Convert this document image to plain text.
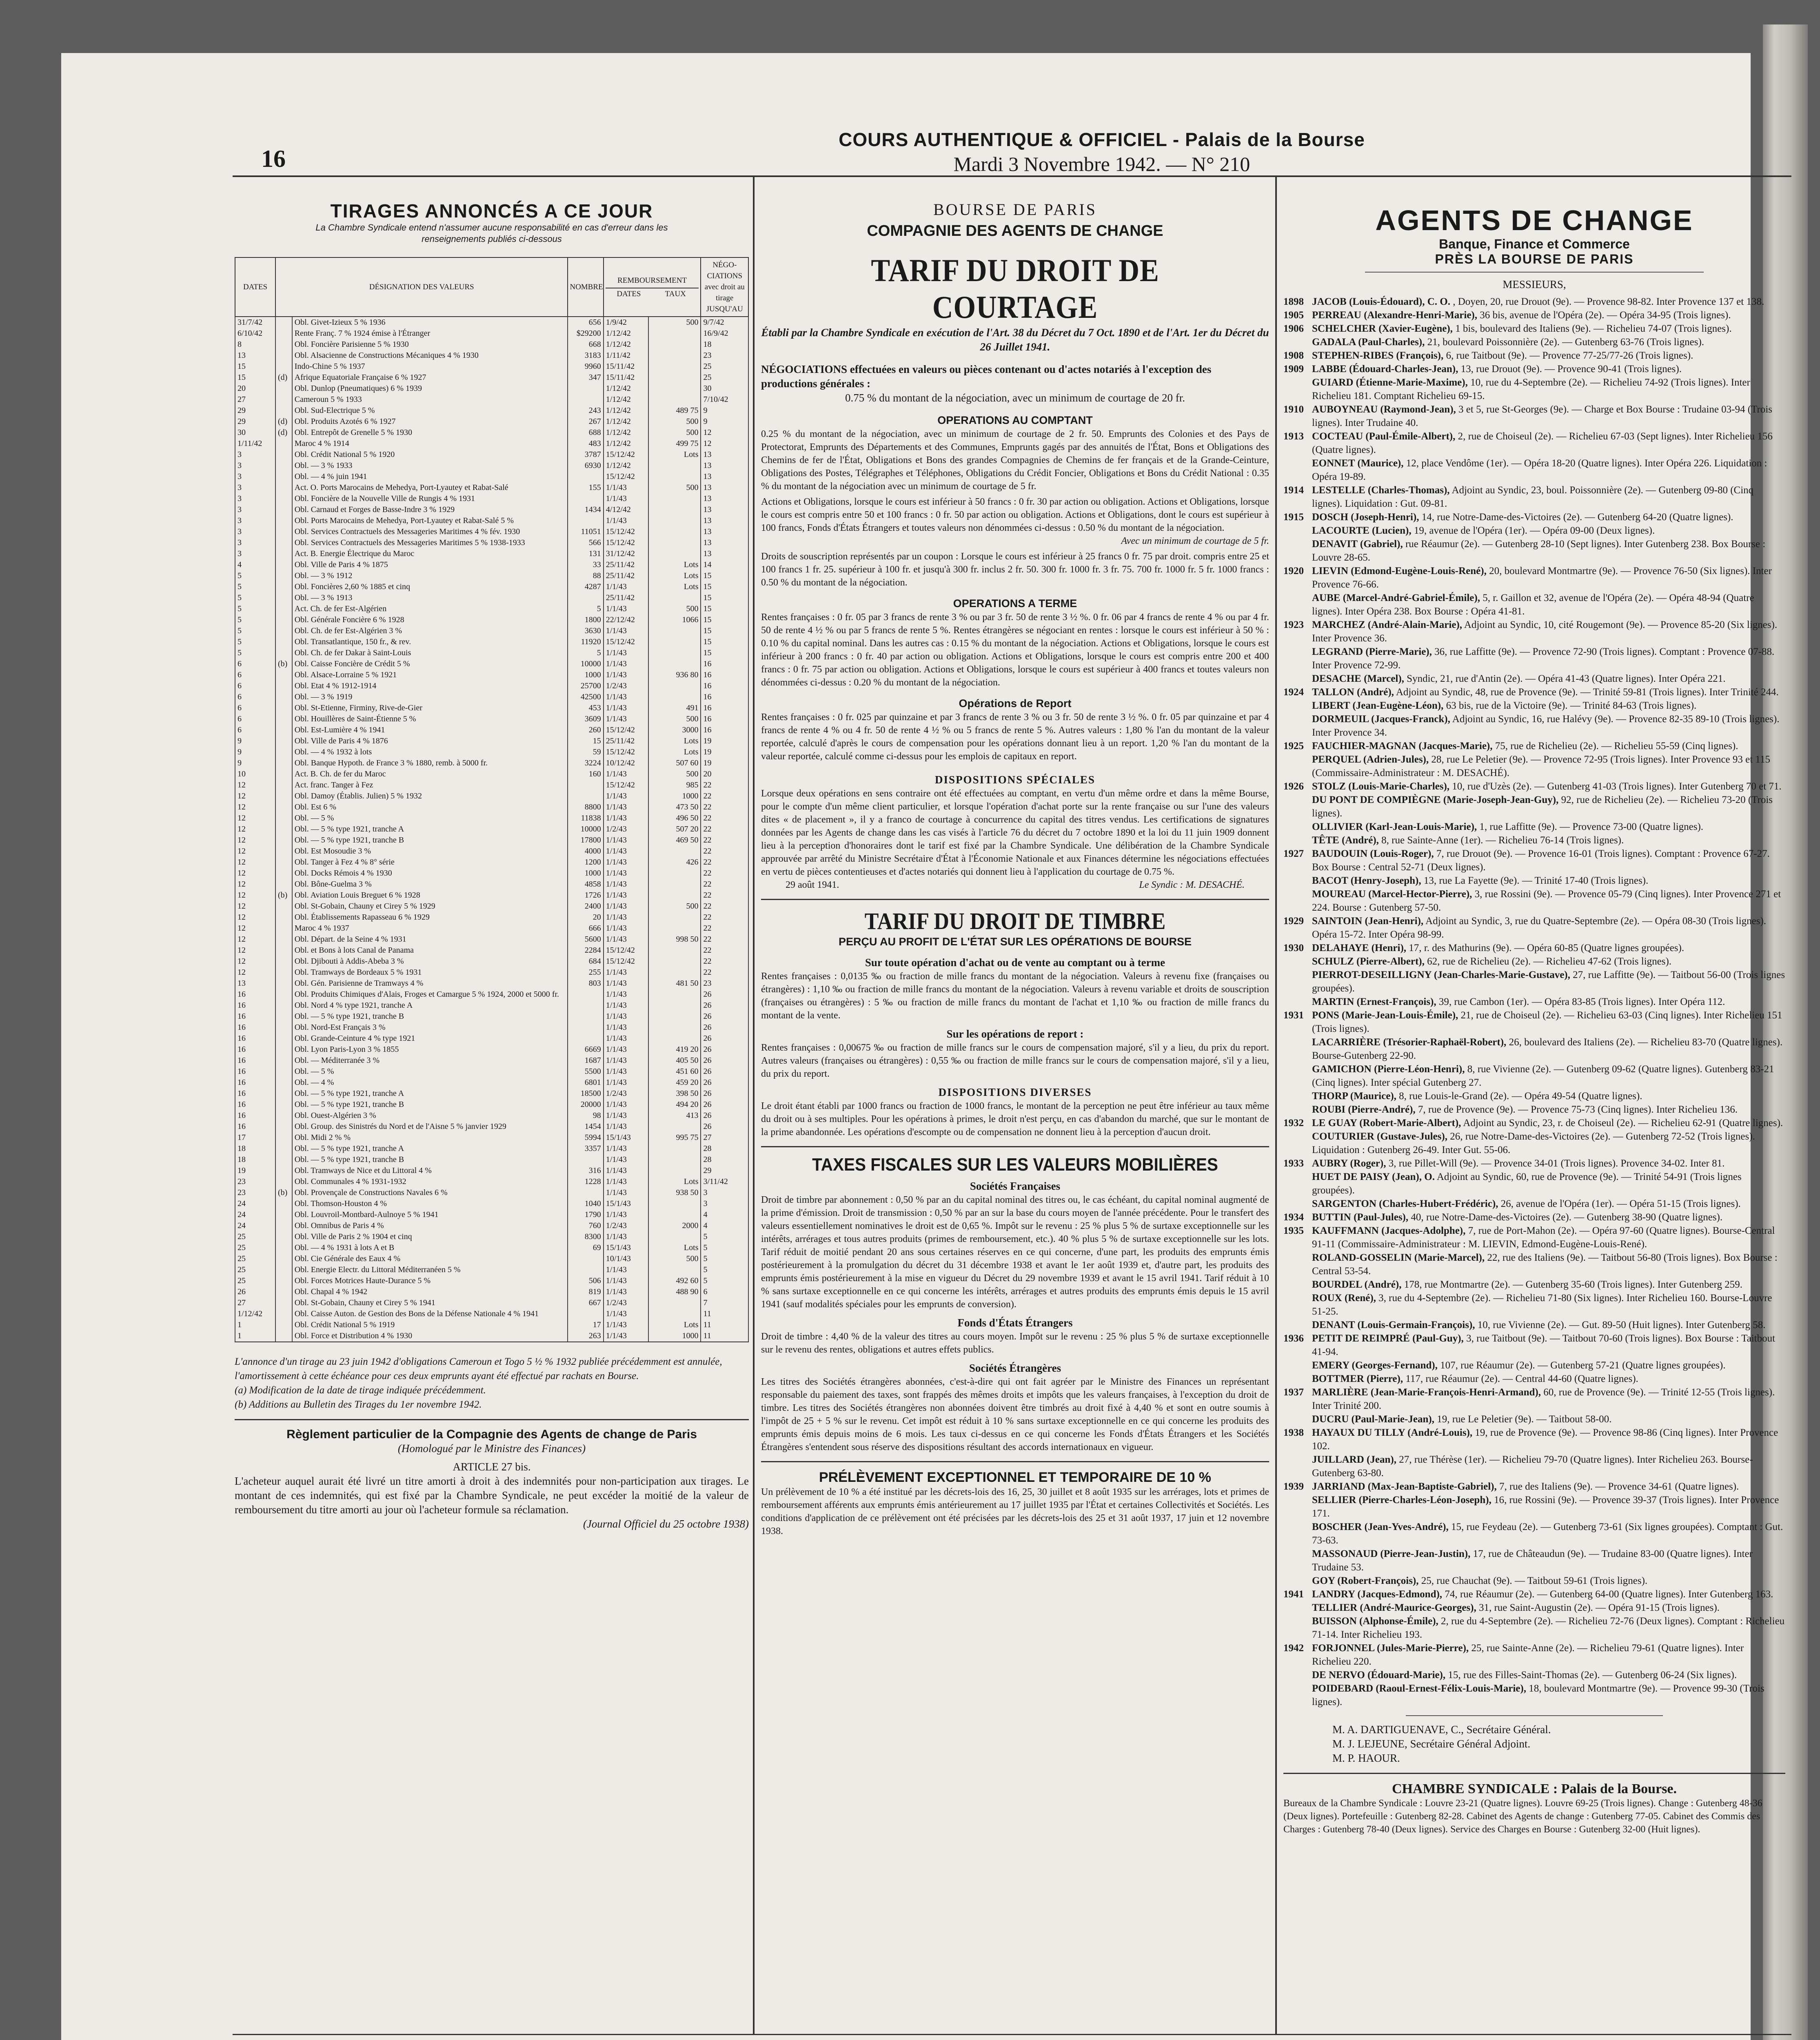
16
COURS AUTHENTIQUE & OFFICIEL - Palais de la Bourse
Mardi 3 Novembre 1942. — N° 210
TIRAGES ANNONCÉS A CE JOUR
La Chambre Syndicale entend n'assumer aucune responsabilité en cas d'erreur dans les renseignements publiés ci-dessous
DATES	DÉSIGNATION DES VALEURS		NOMBRE	REMBOURSEMENT
DATES TAUX		NÉGO- CIATIONS avec droit au tirage JUSQU'AU
31/7/42		Obl. Givet-Izieux 5 % 1936	656	1/9/42	500	9/7/42
6/10/42		Rente Franç. 7 % 1924 émise à l'Étranger	$29200	1/12/42		16/9/42
8		Obl. Foncière Parisienne 5 % 1930	668	1/12/42		18
13		Obl. Alsacienne de Constructions Mécaniques 4 % 1930	3183	1/11/42		23
15		Indo-Chine 5 % 1937	9960	15/11/42		25
15	(d)	Afrique Equatoriale Française 6 % 1927	347	15/11/42		25
20		Obl. Dunlop (Pneumatiques) 6 % 1939		1/12/42		30
27		Cameroun 5 % 1933		1/12/42		7/10/42
29		Obl. Sud-Electrique 5 %	243	1/12/42	489 75	9
29	(d)	Obl. Produits Azotés 6 % 1927	267	1/12/42	500	9
30	(d)	Obl. Entrepôt de Grenelle 5 % 1930	688	1/12/42	500	12
1/11/42		Maroc 4 % 1914	483	1/12/42	499 75	12
3		Obl. Crédit National 5 % 1920	3787	15/12/42	Lots	13
3		Obl. — 3 % 1933	6930	1/12/42		13
3		Obl. — 4 % juin 1941		15/12/42		13
3		Act. O. Ports Marocains de Mehedya, Port-Lyautey et Rabat-Salé	155	1/1/43	500	13
3		Obl. Foncière de la Nouvelle Ville de Rungis 4 % 1931		1/1/43		13
3		Obl. Carnaud et Forges de Basse-Indre 3 % 1929	1434	4/12/42		13
3		Obl. Ports Marocains de Mehedya, Port-Lyautey et Rabat-Salé 5 %		1/1/43		13
3		Obl. Services Contractuels des Messageries Maritimes 4 % fév. 1930	11051	15/12/42		13
3		Obl. Services Contractuels des Messageries Maritimes 5 % 1938-1933	566	15/12/42		13
3		Act. B. Energie Électrique du Maroc	131	31/12/42		13
4		Obl. Ville de Paris 4 % 1875	33	25/11/42	Lots	14
5		Obl. — 3 % 1912	88	25/11/42	Lots	15
5		Obl. Foncières 2,60 % 1885 et cinq	4287	1/1/43	Lots	15
5		Obl. — 3 % 1913		25/11/42		15
5		Act. Ch. de fer Est-Algérien	5	1/1/43	500	15
5		Obl. Générale Foncière 6 % 1928	1800	22/12/42	1066	15
5		Obl. Ch. de fer Est-Algérien 3 %	3630	1/1/43		15
5		Obl. Transatlantique, 150 fr., & rev.	11920	15/12/42		15
5		Obl. Ch. de fer Dakar à Saint-Louis	5	1/1/43		15
6	(b)	Obl. Caisse Foncière de Crédit 5 %	10000	1/1/43		16
6		Obl. Alsace-Lorraine 5 % 1921	1000	1/1/43	936 80	16
6		Obl. Etat 4 % 1912-1914	25700	1/2/43		16
6		Obl. — 3 % 1919	42500	1/1/43		16
6		Obl. St-Etienne, Firminy, Rive-de-Gier	453	1/1/43	491	16
6		Obl. Houillères de Saint-Étienne 5 %	3609	1/1/43	500	16
6		Obl. Est-Lumière 4 % 1941	260	15/12/42	3000	16
9		Obl. Ville de Paris 4 % 1876	15	25/11/42	Lots	19
9		Obl. — 4 % 1932 à lots	59	15/12/42	Lots	19
9		Obl. Banque Hypoth. de France 3 % 1880, remb. à 5000 fr.	3224	10/12/42	507 60	19
10		Act. B. Ch. de fer du Maroc	160	1/1/43	500	20
12		Act. franc. Tanger à Fez		15/12/42	985	22
12		Obl. Damoy (Établis. Julien) 5 % 1932		1/1/43	1000	22
12		Obl. Est 6 %	8800	1/1/43	473 50	22
12		Obl. — 5 %	11838	1/1/43	496 50	22
12		Obl. — 5 % type 1921, tranche A	10000	1/2/43	507 20	22
12		Obl. — 5 % type 1921, tranche B	17800	1/1/43	469 50	22
12		Obl. Est Mosoudie 3 %	4000	1/1/43		22
12		Obl. Tanger à Fez 4 % 8° série	1200	1/1/43	426	22
12		Obl. Docks Rémois 4 % 1930	1000	1/1/43		22
12		Obl. Bône-Guelma 3 %	4858	1/1/43		22
12	(b)	Obl. Aviation Louis Breguet 6 % 1928	1726	1/1/43		22
12		Obl. St-Gobain, Chauny et Cirey 5 % 1929	2400	1/1/43	500	22
12		Obl. Établissements Rapasseau 6 % 1929	20	1/1/43		22
12		Maroc 4 % 1937	666	1/1/43		22
12		Obl. Départ. de la Seine 4 % 1931	5600	1/1/43	998 50	22
12		Obl. et Bons à lots Canal de Panama	2284	15/12/42		22
12		Obl. Djibouti à Addis-Abeba 3 %	684	15/12/42		22
12		Obl. Tramways de Bordeaux 5 % 1931	255	1/1/43		22
13		Obl. Gén. Parisienne de Tramways 4 %	803	1/1/43	481 50	23
16		Obl. Produits Chimiques d'Alais, Froges et Camargue 5 % 1924, 2000 et 5000 fr.		1/1/43		26
16		Obl. Nord 4 % type 1921, tranche A		1/1/43		26
16		Obl. — 5 % type 1921, tranche B		1/1/43		26
16		Obl. Nord-Est Français 3 %		1/1/43		26
16		Obl. Grande-Ceinture 4 % type 1921		1/1/43		26
16		Obl. Lyon Paris-Lyon 3 % 1855	6669	1/1/43	419 20	26
16		Obl. — Méditerranée 3 %	1687	1/1/43	405 50	26
16		Obl. — 5 %	5500	1/1/43	451 60	26
16		Obl. — 4 %	6801	1/1/43	459 20	26
16		Obl. — 5 % type 1921, tranche A	18500	1/2/43	398 50	26
16		Obl. — 5 % type 1921, tranche B	20000	1/1/43	494 20	26
16		Obl. Ouest-Algérien 3 %	98	1/1/43	413	26
16		Obl. Group. des Sinistrés du Nord et de l'Aisne 5 % janvier 1929	1454	1/1/43		26
17		Obl. Midi 2 % %	5994	15/1/43	995 75	27
18		Obl. — 5 % type 1921, tranche A	3357	1/1/43		28
18		Obl. — 5 % type 1921, tranche B		1/1/43		28
19		Obl. Tramways de Nice et du Littoral 4 %	316	1/1/43		29
23		Obl. Communales 4 % 1931-1932	1228	1/1/43	Lots	3/11/42
23	(b)	Obl. Provençale de Constructions Navales 6 %		1/1/43	938 50	3
24		Obl. Thomson-Houston 4 %	1040	15/1/43		3
24		Obl. Louvroil-Montbard-Aulnoye 5 % 1941	1790	1/1/43		4
24		Obl. Omnibus de Paris 4 %	760	1/2/43	2000	4
25		Obl. Ville de Paris 2 % 1904 et cinq	8300	1/1/43		5
25		Obl. — 4 % 1931 à lots A et B	69	15/1/43	Lots	5
25		Obl. Cie Générale des Eaux 4 %		10/1/43	500	5
25		Obl. Energie Electr. du Littoral Méditerranéen 5 %		1/1/43		5
25		Obl. Forces Motrices Haute-Durance 5 %	506	1/1/43	492 60	5
26		Obl. Chapal 4 % 1942	819	1/1/43	488 90	6
27		Obl. St-Gobain, Chauny et Cirey 5 % 1941	667	1/2/43		7
1/12/42		Obl. Caisse Auton. de Gestion des Bons de la Défense Nationale 4 % 1941		1/1/43		11
1		Obl. Crédit National 5 % 1919	17	1/1/43	Lots	11
1		Obl. Force et Distribution 4 % 1930	263	1/1/43	1000	11
L'annonce d'un tirage au 23 juin 1942 d'obligations Cameroun et Togo 5 ½ % 1932 publiée précédemment est annulée, l'amortissement à cette échéance pour ces deux emprunts ayant été effectué par rachats en Bourse.
(a) Modification de la date de tirage indiquée précédemment.
(b) Additions au Bulletin des Tirages du 1er novembre 1942.
Règlement particulier de la Compagnie des Agents de change de Paris
(Homologué par le Ministre des Finances)
ARTICLE 27 bis.
L'acheteur auquel aurait été livré un titre amorti à droit à des indemnités pour non-participation aux tirages. Le montant de ces indemnités, qui est fixé par la Chambre Syndicale, ne peut excéder la moitié de la valeur de remboursement du titre amorti au jour où l'acheteur formule sa réclamation.
(Journal Officiel du 25 octobre 1938)
BOURSE DE PARIS
COMPAGNIE DES AGENTS DE CHANGE
TARIF DU DROIT DE COURTAGE
Établi par la Chambre Syndicale en exécution de l'Art. 38 du Décret du 7 Oct. 1890 et de l'Art. 1er du Décret du 26 Juillet 1941.
NÉGOCIATIONS effectuées en valeurs ou pièces contenant ou d'actes notariés à l'exception des productions générales :
0.75 % du montant de la négociation, avec un minimum de courtage de 20 fr.
OPERATIONS AU COMPTANT
0.25 % du montant de la négociation, avec un minimum de courtage de 2 fr. 50. Emprunts des Colonies et des Pays de Protectorat, Emprunts des Départements et des Communes, Emprunts gagés par des annuités de l'État, Bons et Obligations des Chemins de fer de l'État, Obligations et Bons des grandes Compagnies de Chemins de fer français et de la Grande-Ceinture, Obligations des Postes, Télégraphes et Téléphones, Obligations du Crédit Foncier, Obligations et Bons du Crédit National : 0.35 % du montant de la négociation avec un minimum de courtage de 5 fr.
Actions et Obligations, lorsque le cours est inférieur à 50 francs : 0 fr. 30 par action ou obligation. Actions et Obligations, lorsque le cours est compris entre 50 et 100 francs : 0 fr. 50 par action ou obligation. Actions et Obligations, dont le cours est supérieur à 100 francs, Fonds d'États Étrangers et toutes valeurs non dénommées ci-dessus : 0.50 % du montant de la négociation.
Avec un minimum de courtage de 5 fr.
Droits de souscription représentés par un coupon : Lorsque le cours est inférieur à 25 francs 0 fr. 75 par droit. compris entre 25 et 100 francs 1 fr. 25. supérieur à 100 fr. et jusqu'à 300 fr. inclus 2 fr. 50. 300 fr. 1000 fr. 3 fr. 75. 700 fr. 1000 fr. 5 fr. 1000 francs : 0.50 % du montant de la négociation.
OPERATIONS A TERME
Rentes françaises : 0 fr. 05 par 3 francs de rente 3 % ou par 3 fr. 50 de rente 3 ½ %. 0 fr. 06 par 4 francs de rente 4 % ou par 4 fr. 50 de rente 4 ½ % ou par 5 francs de rente 5 %. Rentes étrangères se négociant en rentes : lorsque le cours est inférieur à 50 % : 0.10 % du capital nominal. Dans les autres cas : 0.15 % du montant de la négociation. Actions et Obligations, lorsque le cours est inférieur à 200 francs : 0 fr. 40 par action ou obligation. Actions et Obligations, lorsque le cours est compris entre 200 et 400 francs : 0 fr. 75 par action ou obligation. Actions et Obligations, lorsque le cours est supérieur à 400 francs et toutes valeurs non dénommées ci-dessus : 0.20 % du montant de la négociation.
Opérations de Report
Rentes françaises : 0 fr. 025 par quinzaine et par 3 francs de rente 3 % ou 3 fr. 50 de rente 3 ½ %. 0 fr. 05 par quinzaine et par 4 francs de rente 4 % ou 4 fr. 50 de rente 4 ½ % ou 5 francs de rente 5 %. Autres valeurs : 1,80 % l'an du montant de la valeur reportée, calculé d'après le cours de compensation pour les opérations donnant lieu à un report. 1,20 % l'an du montant de la valeur reportée, calculé comme ci-dessus pour les emplois de capitaux en report.
DISPOSITIONS SPÉCIALES
Lorsque deux opérations en sens contraire ont été effectuées au comptant, en vertu d'un même ordre et dans la même Bourse, pour le compte d'un même client particulier, et lorsque l'opération d'achat porte sur la rente française ou sur l'une des valeurs dites « de placement », il y a franco de courtage à concurrence du capital des titres vendus. Les certifications de signatures données par les Agents de change dans les cas visés à l'article 76 du décret du 7 octobre 1890 et la loi du 11 juin 1909 donnent lieu à la perception d'honoraires dont le tarif est fixé par la Chambre Syndicale. Une délibération de la Chambre Syndicale approuvée par arrêté du Ministre Secrétaire d'État à l'Économie Nationale et aux Finances détermine les négociations effectuées en vertu de pièces contentieuses et d'actes notariés qui donnent lieu à l'application du courtage de 0.75 %.
29 août 1941.	Le Syndic : M. DESACHÉ.
TARIF DU DROIT DE TIMBRE
PERÇU AU PROFIT DE L'ÉTAT SUR LES OPÉRATIONS DE BOURSE
Sur toute opération d'achat ou de vente au comptant ou à terme
Rentes françaises : 0,0135 ‰ ou fraction de mille francs du montant de la négociation. Valeurs à revenu fixe (françaises ou étrangères) : 1,10 ‰ ou fraction de mille francs du montant de la négociation. Valeurs à revenu variable et droits de souscription (françaises ou étrangères) : 5 ‰ ou fraction de mille francs du montant de l'achat et 1,10 ‰ ou fraction de mille francs du montant de la vente.
Sur les opérations de report :
Rentes françaises : 0,00675 ‰ ou fraction de mille francs sur le cours de compensation majoré, s'il y a lieu, du prix du report. Autres valeurs (françaises ou étrangères) : 0,55 ‰ ou fraction de mille francs sur le cours de compensation majoré, s'il y a lieu, du prix du report.
DISPOSITIONS DIVERSES
Le droit étant établi par 1000 francs ou fraction de 1000 francs, le montant de la perception ne peut être inférieur au taux même du droit ou à ses multiples. Pour les opérations à primes, le droit n'est perçu, en cas d'abandon du marché, que sur le montant de la prime abandonnée. Les opérations d'escompte ou de compensation ne donnent lieu à la perception d'aucun droit.
TAXES FISCALES SUR LES VALEURS MOBILIÈRES
Sociétés Françaises
Droit de timbre par abonnement : 0,50 % par an du capital nominal des titres ou, le cas échéant, du capital nominal augmenté de la prime d'émission. Droit de transmission : 0,50 % par an sur la base du cours moyen de l'année précédente. Pour le transfert des valeurs essentiellement nominatives le droit est de 0,65 %. Impôt sur le revenu : 25 % plus 5 % de surtaxe exceptionnelle sur les intérêts, arrérages et tous autres produits (primes de remboursement, etc.). 40 % plus 5 % de surtaxe exceptionnelle sur les lots. Tarif réduit de moitié pendant 20 ans sous certaines réserves en ce qui concerne, d'une part, les produits des emprunts émis postérieurement à la promulgation du décret du 31 décembre 1938 et avant le 1er août 1939 et, d'autre part, les produits des emprunts émis postérieurement à la mise en vigueur du Décret du 29 novembre 1939 et avant le 15 avril 1941. Tarif réduit à 10 % sans surtaxe exceptionnelle en ce qui concerne les intérêts, arrérages et autres produits des emprunts émis depuis le 15 avril 1941 (sauf modalités spéciales pour les emprunts de conversion).
Fonds d'États Étrangers
Droit de timbre : 4,40 % de la valeur des titres au cours moyen. Impôt sur le revenu : 25 % plus 5 % de surtaxe exceptionnelle sur le revenu des rentes, obligations et autres effets publics.
Sociétés Étrangères
Les titres des Sociétés étrangères abonnées, c'est-à-dire qui ont fait agréer par le Ministre des Finances un représentant responsable du paiement des taxes, sont frappés des mêmes droits et impôts que les valeurs françaises, à l'exception du droit de timbre. Les titres des Sociétés étrangères non abonnées doivent être timbrés au droit fixé à 4,40 % et sont en outre soumis à l'impôt de 25 + 5 % sur le revenu. Cet impôt est réduit à 10 % sans surtaxe exceptionnelle en ce qui concerne les produits des emprunts émis depuis moins de 6 mois. Les taux ci-dessus en ce qui concerne les Fonds d'États Étrangers et les Sociétés Étrangères s'entendent sous réserve des dispositions résultant des accords internationaux en vigueur.
PRÉLÈVEMENT EXCEPTIONNEL ET TEMPORAIRE DE 10 %
Un prélèvement de 10 % a été institué par les décrets-lois des 16, 25, 30 juillet et 8 août 1935 sur les arrérages, lots et primes de remboursement afférents aux emprunts émis antérieurement au 17 juillet 1935 par l'État et certaines Collectivités et Sociétés. Les conditions d'application de ce prélèvement ont été précisées par les décrets-lois des 25 et 31 août 1937, 17 juin et 12 novembre 1938.
AGENTS DE CHANGE
Banque, Finance et Commerce
PRÈS LA BOURSE DE PARIS
MESSIEURS,
1898 JACOB (Louis-Édouard), C. O. , Doyen, 20, rue Drouot (9e). — Provence 98-82. Inter Provence 137 et 138.
1905 PERREAU (Alexandre-Henri-Marie), 36 bis, avenue de l'Opéra (2e). — Opéra 34-95 (Trois lignes).
1906 SCHELCHER (Xavier-Eugène), 1 bis, boulevard des Italiens (9e). — Richelieu 74-07 (Trois lignes).
GADALA (Paul-Charles), 21, boulevard Poissonnière (2e). — Gutenberg 63-76 (Trois lignes).
1908 STEPHEN-RIBES (François), 6, rue Taitbout (9e). — Provence 77-25/77-26 (Trois lignes).
1909 LABBE (Édouard-Charles-Jean), 13, rue Drouot (9e). — Provence 90-41 (Trois lignes).
GUIARD (Étienne-Marie-Maxime), 10, rue du 4-Septembre (2e). — Richelieu 74-92 (Trois lignes). Inter Richelieu 181. Comptant Richelieu 69-15.
1910 AUBOYNEAU (Raymond-Jean), 3 et 5, rue St-Georges (9e). — Charge et Box Bourse : Trudaine 03-94 (Trois lignes). Inter Trudaine 40.
1913 COCTEAU (Paul-Émile-Albert), 2, rue de Choiseul (2e). — Richelieu 67-03 (Sept lignes). Inter Richelieu 156 (Quatre lignes).
EONNET (Maurice), 12, place Vendôme (1er). — Opéra 18-20 (Quatre lignes). Inter Opéra 226. Liquidation : Opéra 19-89.
1914 LESTELLE (Charles-Thomas), Adjoint au Syndic, 23, boul. Poissonnière (2e). — Gutenberg 09-80 (Cinq lignes). Liquidation : Gut. 09-81.
1915 DOSCH (Joseph-Henri), 14, rue Notre-Dame-des-Victoires (2e). — Gutenberg 64-20 (Quatre lignes).
LACOURTE (Lucien), 19, avenue de l'Opéra (1er). — Opéra 09-00 (Deux lignes).
DENAVIT (Gabriel), rue Réaumur (2e). — Gutenberg 28-10 (Sept lignes). Inter Gutenberg 238. Box Bourse : Louvre 28-65.
1920 LIEVIN (Edmond-Eugène-Louis-René), 20, boulevard Montmartre (9e). — Provence 76-50 (Six lignes). Inter Provence 76-66.
AUBE (Marcel-André-Gabriel-Émile), 5, r. Gaillon et 32, avenue de l'Opéra (2e). — Opéra 48-94 (Quatre lignes). Inter Opéra 238. Box Bourse : Opéra 41-81.
1923 MARCHEZ (André-Alain-Marie), Adjoint au Syndic, 10, cité Rougemont (9e). — Provence 85-20 (Six lignes). Inter Provence 36.
LEGRAND (Pierre-Marie), 36, rue Laffitte (9e). — Provence 72-90 (Trois lignes). Comptant : Provence 07-88. Inter Provence 72-99.
DESACHE (Marcel), Syndic, 21, rue d'Antin (2e). — Opéra 41-43 (Quatre lignes). Inter Opéra 221.
1924 TALLON (André), Adjoint au Syndic, 48, rue de Provence (9e). — Trinité 59-81 (Trois lignes). Inter Trinité 244.
LIBERT (Jean-Eugène-Léon), 63 bis, rue de la Victoire (9e). — Trinité 84-63 (Trois lignes).
DORMEUIL (Jacques-Franck), Adjoint au Syndic, 16, rue Halévy (9e). — Provence 82-35 89-10 (Trois lignes). Inter Provence 34.
1925 FAUCHIER-MAGNAN (Jacques-Marie), 75, rue de Richelieu (2e). — Richelieu 55-59 (Cinq lignes).
PERQUEL (Adrien-Jules), 28, rue Le Peletier (9e). — Provence 72-95 (Trois lignes). Inter Provence 93 et 115 (Commissaire-Administrateur : M. DESACHÉ).
1926 STOLZ (Louis-Marie-Charles), 10, rue d'Uzès (2e). — Gutenberg 41-03 (Trois lignes). Inter Gutenberg 70 et 71.
DU PONT DE COMPIÈGNE (Marie-Joseph-Jean-Guy), 92, rue de Richelieu (2e). — Richelieu 73-20 (Trois lignes).
OLLIVIER (Karl-Jean-Louis-Marie), 1, rue Laffitte (9e). — Provence 73-00 (Quatre lignes).
TÊTE (André), 8, rue Sainte-Anne (1er). — Richelieu 76-14 (Trois lignes).
1927 BAUDOUIN (Louis-Roger), 7, rue Drouot (9e). — Provence 16-01 (Trois lignes). Comptant : Provence 67-27. Box Bourse : Central 52-71 (Deux lignes).
BACOT (Henry-Joseph), 13, rue La Fayette (9e). — Trinité 17-40 (Trois lignes).
MOUREAU (Marcel-Hector-Pierre), 3, rue Rossini (9e). — Provence 05-79 (Cinq lignes). Inter Provence 271 et 224. Bourse : Gutenberg 57-50.
1929 SAINTOIN (Jean-Henri), Adjoint au Syndic, 3, rue du Quatre-Septembre (2e). — Opéra 08-30 (Trois lignes). Opéra 15-72. Inter Opéra 98-99.
1930 DELAHAYE (Henri), 17, r. des Mathurins (9e). — Opéra 60-85 (Quatre lignes groupées).
SCHULZ (Pierre-Albert), 62, rue de Richelieu (2e). — Richelieu 47-62 (Trois lignes).
PIERROT-DESEILLIGNY (Jean-Charles-Marie-Gustave), 27, rue Laffitte (9e). — Taitbout 56-00 (Trois lignes groupées).
MARTIN (Ernest-François), 39, rue Cambon (1er). — Opéra 83-85 (Trois lignes). Inter Opéra 112.
1931 PONS (Marie-Jean-Louis-Émile), 21, rue de Choiseul (2e). — Richelieu 63-03 (Cinq lignes). Inter Richelieu 151 (Trois lignes).
LACARRIÈRE (Trésorier-Raphaël-Robert), 26, boulevard des Italiens (2e). — Richelieu 83-70 (Quatre lignes). Bourse-Gutenberg 22-90.
GAMICHON (Pierre-Léon-Henri), 8, rue Vivienne (2e). — Gutenberg 09-62 (Quatre lignes). Gutenberg 83-21 (Cinq lignes). Inter spécial Gutenberg 27.
THORP (Maurice), 8, rue Louis-le-Grand (2e). — Opéra 49-54 (Quatre lignes).
ROUBI (Pierre-André), 7, rue de Provence (9e). — Provence 75-73 (Cinq lignes). Inter Richelieu 136.
1932 LE GUAY (Robert-Marie-Albert), Adjoint au Syndic, 23, r. de Choiseul (2e). — Richelieu 62-91 (Quatre lignes).
COUTURIER (Gustave-Jules), 26, rue Notre-Dame-des-Victoires (2e). — Gutenberg 72-52 (Trois lignes). Liquidation : Gutenberg 26-49. Inter Gut. 55-06.
1933 AUBRY (Roger), 3, rue Pillet-Will (9e). — Provence 34-01 (Trois lignes). Provence 34-02. Inter 81.
HUET DE PAISY (Jean), O. Adjoint au Syndic, 60, rue de Provence (9e). — Trinité 54-91 (Trois lignes groupées).
SARGENTON (Charles-Hubert-Frédéric), 26, avenue de l'Opéra (1er). — Opéra 51-15 (Trois lignes).
1934 BUTTIN (Paul-Jules), 40, rue Notre-Dame-des-Victoires (2e). — Gutenberg 38-90 (Quatre lignes).
1935 KAUFFMANN (Jacques-Adolphe), 7, rue de Port-Mahon (2e). — Opéra 97-60 (Quatre lignes). Bourse-Central 91-11 (Commissaire-Administrateur : M. LIEVIN, Edmond-Eugène-Louis-René).
ROLAND-GOSSELIN (Marie-Marcel), 22, rue des Italiens (9e). — Taitbout 56-80 (Trois lignes). Box Bourse : Central 53-54.
BOURDEL (André), 178, rue Montmartre (2e). — Gutenberg 35-60 (Trois lignes). Inter Gutenberg 259.
ROUX (René), 3, rue du 4-Septembre (2e). — Richelieu 71-80 (Six lignes). Inter Richelieu 160. Bourse-Louvre 51-25.
DENANT (Louis-Germain-François), 10, rue Vivienne (2e). — Gut. 89-50 (Huit lignes). Inter Gutenberg 58.
1936 PETIT DE REIMPRÉ (Paul-Guy), 3, rue Taitbout (9e). — Taitbout 70-60 (Trois lignes). Box Bourse : Taitbout 41-94.
EMERY (Georges-Fernand), 107, rue Réaumur (2e). — Gutenberg 57-21 (Quatre lignes groupées).
BOTTMER (Pierre), 117, rue Réaumur (2e). — Central 44-60 (Quatre lignes).
1937 MARLIÈRE (Jean-Marie-François-Henri-Armand), 60, rue de Provence (9e). — Trinité 12-55 (Trois lignes). Inter Trinité 200.
DUCRU (Paul-Marie-Jean), 19, rue Le Peletier (9e). — Taitbout 58-00.
1938 HAYAUX DU TILLY (André-Louis), 19, rue de Provence (9e). — Provence 98-86 (Cinq lignes). Inter Provence 102.
JUILLARD (Jean), 27, rue Thérèse (1er). — Richelieu 79-70 (Quatre lignes). Inter Richelieu 263. Bourse-Gutenberg 63-80.
1939 JARRIAND (Max-Jean-Baptiste-Gabriel), 7, rue des Italiens (9e). — Provence 34-61 (Quatre lignes).
SELLIER (Pierre-Charles-Léon-Joseph), 16, rue Rossini (9e). — Provence 39-37 (Trois lignes). Inter Provence 171.
BOSCHER (Jean-Yves-André), 15, rue Feydeau (2e). — Gutenberg 73-61 (Six lignes groupées). Comptant : Gut. 73-63.
MASSONAUD (Pierre-Jean-Justin), 17, rue de Châteaudun (9e). — Trudaine 83-00 (Quatre lignes). Inter Trudaine 53.
GOY (Robert-François), 25, rue Chauchat (9e). — Taitbout 59-61 (Trois lignes).
1941 LANDRY (Jacques-Edmond), 74, rue Réaumur (2e). — Gutenberg 64-00 (Quatre lignes). Inter Gutenberg 163.
TELLIER (André-Maurice-Georges), 31, rue Saint-Augustin (2e). — Opéra 91-15 (Trois lignes).
BUISSON (Alphonse-Émile), 2, rue du 4-Septembre (2e). — Richelieu 72-76 (Deux lignes). Comptant : Richelieu 71-14. Inter Richelieu 193.
1942 FORJONNEL (Jules-Marie-Pierre), 25, rue Sainte-Anne (2e). — Richelieu 79-61 (Quatre lignes). Inter Richelieu 220.
DE NERVO (Édouard-Marie), 15, rue des Filles-Saint-Thomas (2e). — Gutenberg 06-24 (Six lignes).
POIDEBARD (Raoul-Ernest-Félix-Louis-Marie), 18, boulevard Montmartre (9e). — Provence 99-30 (Trois lignes).
M. A. DARTIGUENAVE, C., Secrétaire Général.
M. J. LEJEUNE, Secrétaire Général Adjoint.
M. P. HAOUR.
CHAMBRE SYNDICALE : Palais de la Bourse.
Bureaux de la Chambre Syndicale : Louvre 23-21 (Quatre lignes). Louvre 69-25 (Trois lignes). Change : Gutenberg 48-36 (Deux lignes). Portefeuille : Gutenberg 82-28. Cabinet des Agents de change : Gutenberg 77-05. Cabinet des Commis des Charges : Gutenberg 78-40 (Deux lignes). Service des Charges en Bourse : Gutenberg 32-00 (Huit lignes).
